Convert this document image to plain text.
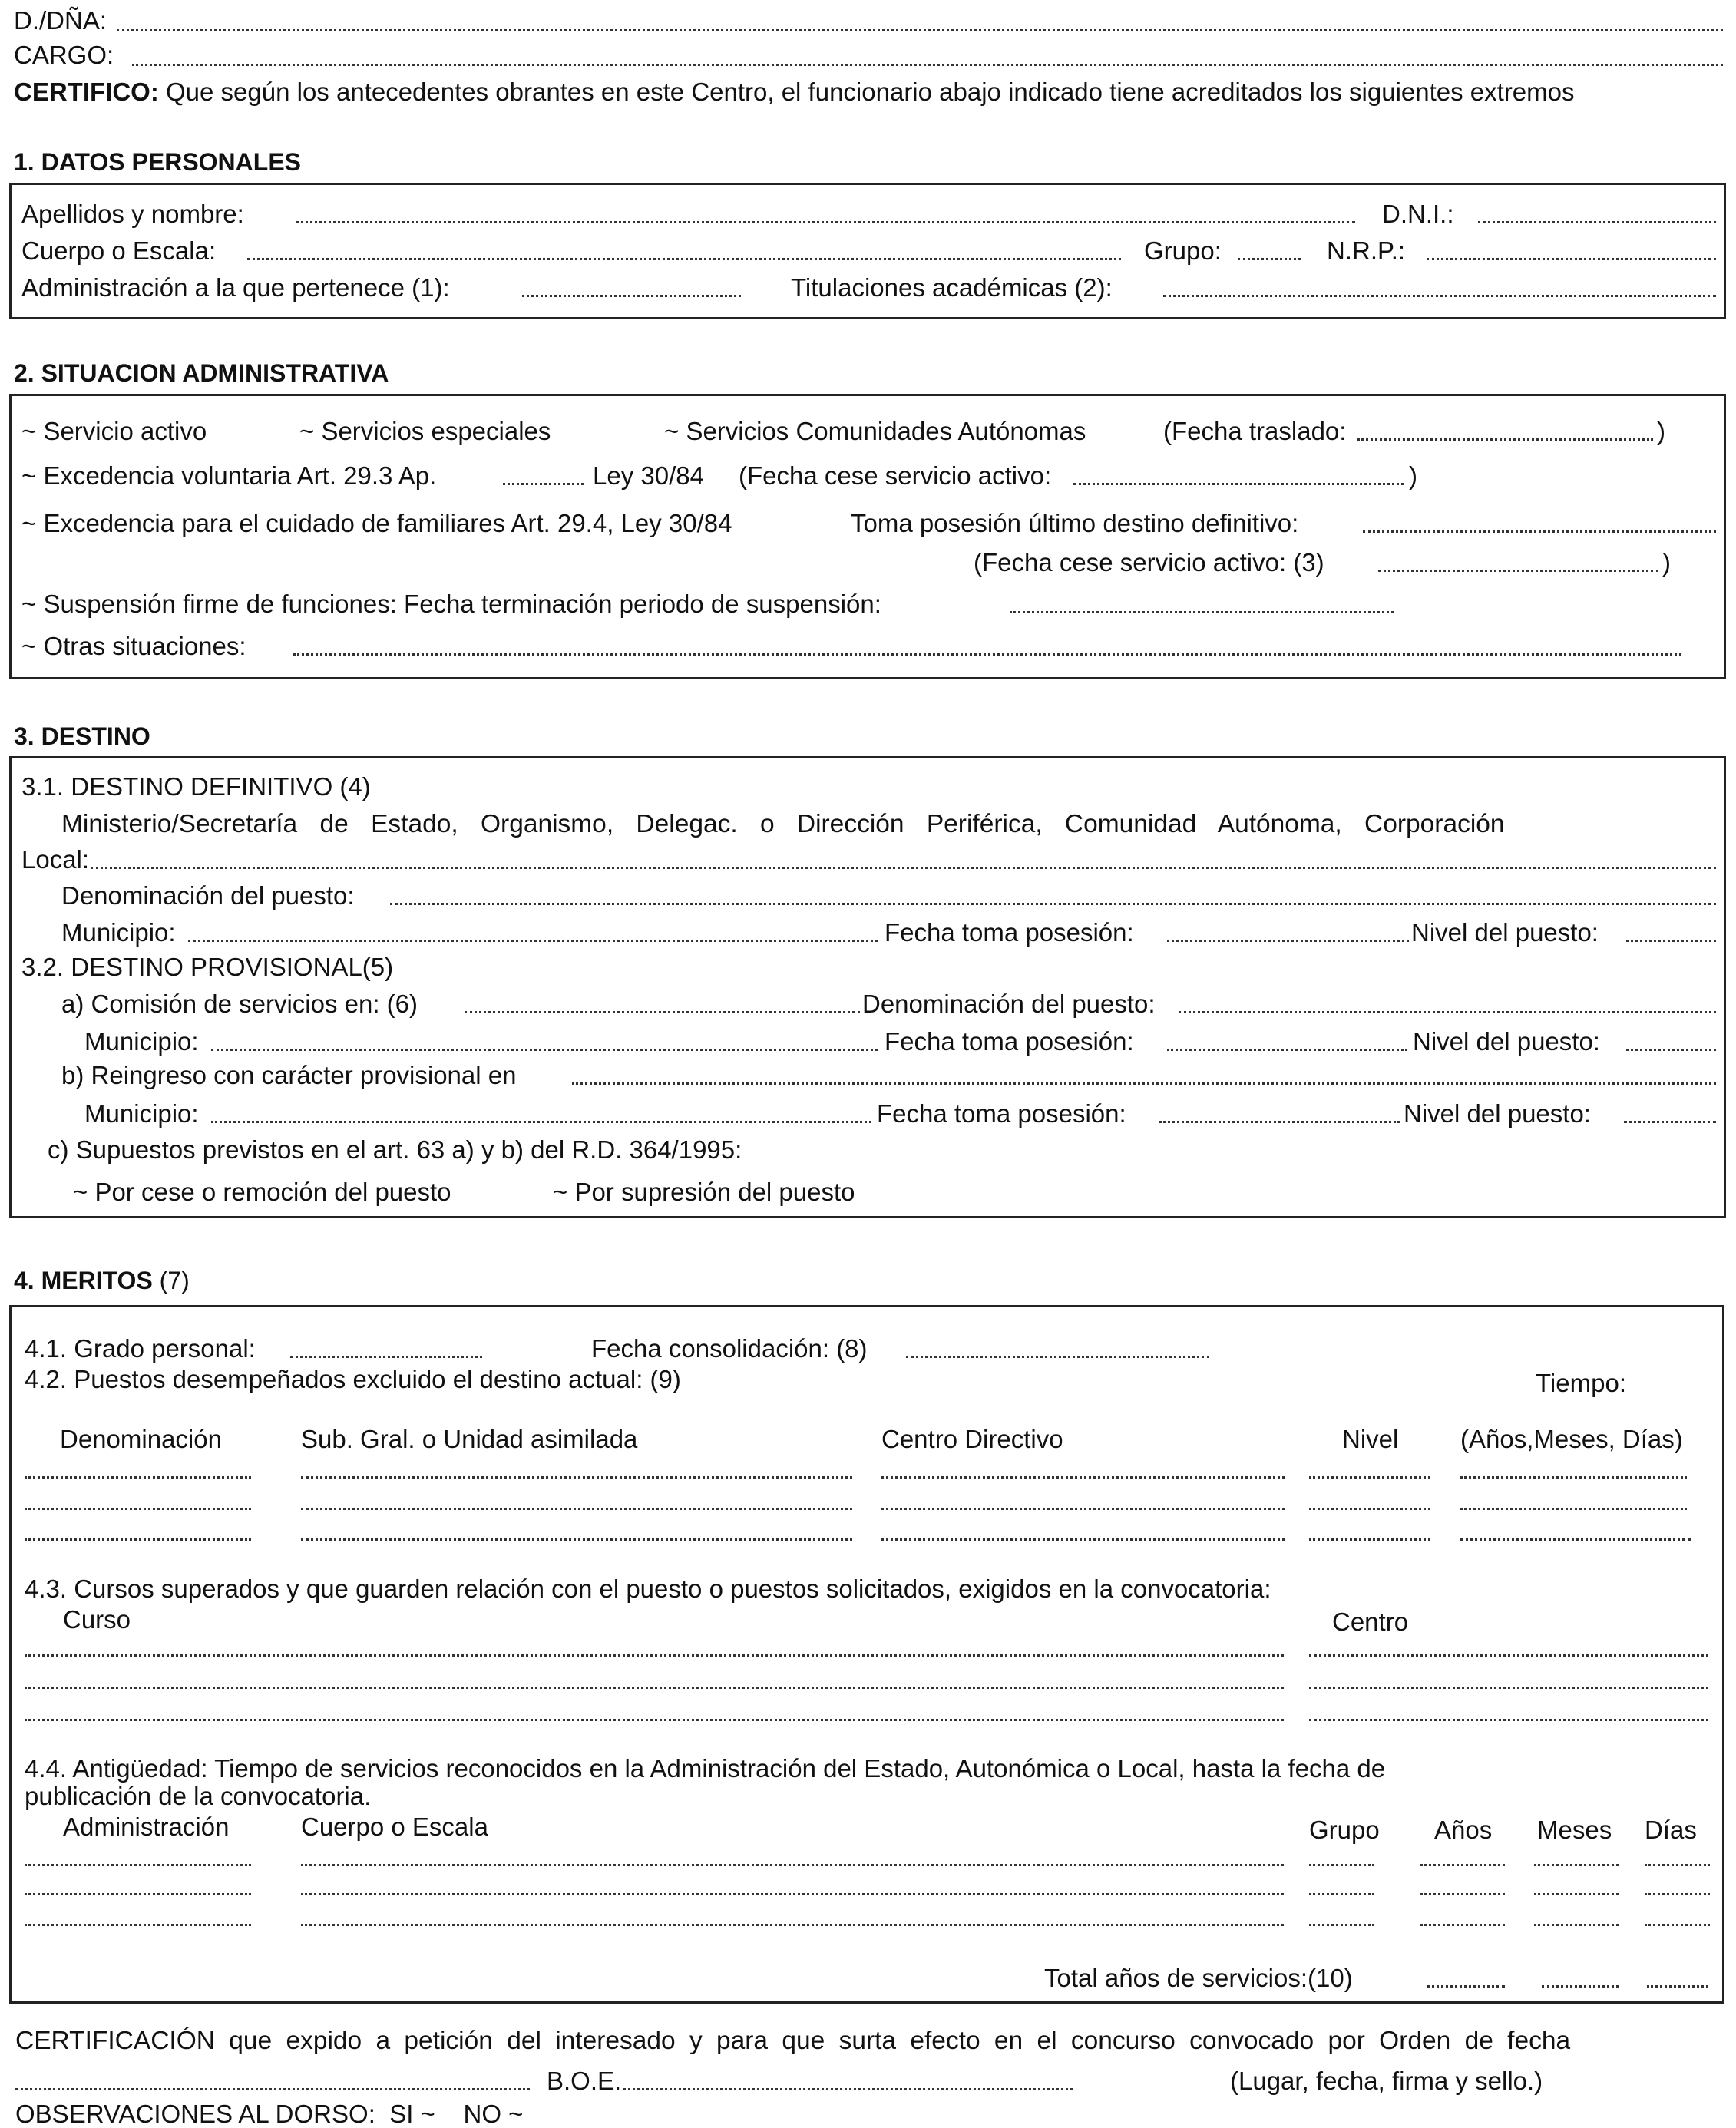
D./DÑA:
CARGO:
CERTIFICO: Que según los antecedentes obrantes en este Centro, el funcionario abajo indicado tiene acreditados los siguientes extremos
1. DATOS PERSONALES
Apellidos y nombre:	D.N.I.:
Cuerpo o Escala:	Grupo:	N.R.P.:
Administración a la que pertenece (1):	Titulaciones académicas (2):
2. SITUACION ADMINISTRATIVA
~ Servicio activo	~ Servicios especiales	~ Servicios Comunidades Autónomas	(Fecha traslado:	)
~ Excedencia voluntaria Art. 29.3 Ap.	Ley 30/84 (Fecha cese servicio activo:	)
~ Excedencia para el cuidado de familiares Art. 29.4, Ley 30/84	Toma posesión último destino definitivo:
(Fecha cese servicio activo: (3)	)
~ Suspensión firme de funciones: Fecha terminación periodo de suspensión:
~ Otras situaciones:
3. DESTINO
3.1. DESTINO DEFINITIVO (4)
Ministerio/Secretaría de Estado, Organismo, Delegac. o Dirección Periférica, Comunidad Autónoma, Corporación
Local:
Denominación del puesto:
Municipio:	Fecha toma posesión:	Nivel del puesto:
3.2. DESTINO PROVISIONAL(5)
a) Comisión de servicios en: (6)	Denominación del puesto:
Municipio:	Fecha toma posesión:	Nivel del puesto:
b) Reingreso con carácter provisional en
Municipio:	Fecha toma posesión:	Nivel del puesto:
c) Supuestos previstos en el art. 63 a) y b) del R.D. 364/1995:
~ Por cese o remoción del puesto	~ Por supresión del puesto
4. MERITOS (7)
4.1. Grado personal:	Fecha consolidación: (8)
4.2. Puestos desempeñados excluido el destino actual: (9)	Tiempo:
Denominación	Sub. Gral. o Unidad asimilada	Centro Directivo	Nivel (Años,Meses, Días)
4.3. Cursos superados y que guarden relación con el puesto o puestos solicitados, exigidos en la convocatoria:
Curso	Centro
4.4. Antigüedad: Tiempo de servicios reconocidos en la Administración del Estado, Autonómica o Local, hasta la fecha de
publicación de la convocatoria.
Administración	Cuerpo o Escala	Grupo Años Meses Días
Total años de servicios:(10)
CERTIFICACIÓN que expido a petición del interesado y para que surta efecto en el concurso convocado por Orden de fecha
B.O.E.	(Lugar, fecha, firma y sello.)
OBSERVACIONES AL DORSO:  SI ~    NO ~
